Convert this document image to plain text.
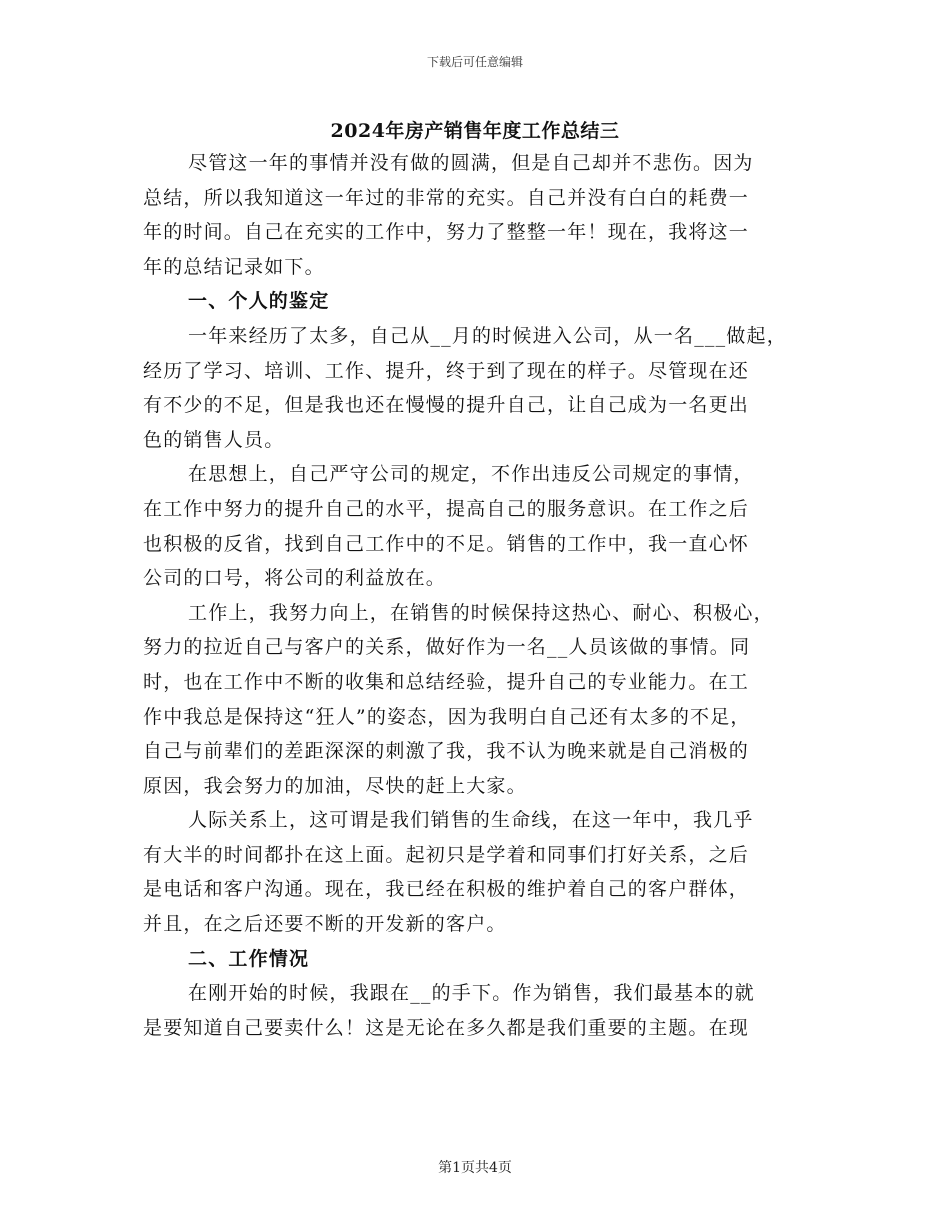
下载后可任意编辑
2024年房产销售年度工作总结三

尽管这一年的事情并没有做的圆满，但是自己却并不悲伤。因为
总结，所以我知道这一年过的非常的充实。自己并没有白白的耗费一
年的时间。自己在充实的工作中，努力了整整一年！现在，我将这一
年的总结记录如下。

一、个人的鉴定

一年来经历了太多，自己从__月的时候进入公司，从一名___做起，
经历了学习、培训、工作、提升，终于到了现在的样子。尽管现在还
有不少的不足，但是我也还在慢慢的提升自己，让自己成为一名更出
色的销售人员。

在思想上，自己严守公司的规定，不作出违反公司规定的事情，
在工作中努力的提升自己的水平，提高自己的服务意识。在工作之后
也积极的反省，找到自己工作中的不足。销售的工作中，我一直心怀
公司的口号，将公司的利益放在。

工作上，我努力向上，在销售的时候保持这热心、耐心、积极心，
努力的拉近自己与客户的关系，做好作为一名__人员该做的事情。同
时，也在工作中不断的收集和总结经验，提升自己的专业能力。在工
作中我总是保持这“狂人”的姿态，因为我明白自己还有太多的不足，
自己与前辈们的差距深深的刺激了我，我不认为晚来就是自己消极的
原因，我会努力的加油，尽快的赶上大家。

人际关系上，这可谓是我们销售的生命线，在这一年中，我几乎
有大半的时间都扑在这上面。起初只是学着和同事们打好关系，之后
是电话和客户沟通。现在，我已经在积极的维护着自己的客户群体，
并且，在之后还要不断的开发新的客户。

二、工作情况

在刚开始的时候，我跟在__的手下。作为销售，我们最基本的就
是要知道自己要卖什么！这是无论在多久都是我们重要的主题。在现

第1页共4页
